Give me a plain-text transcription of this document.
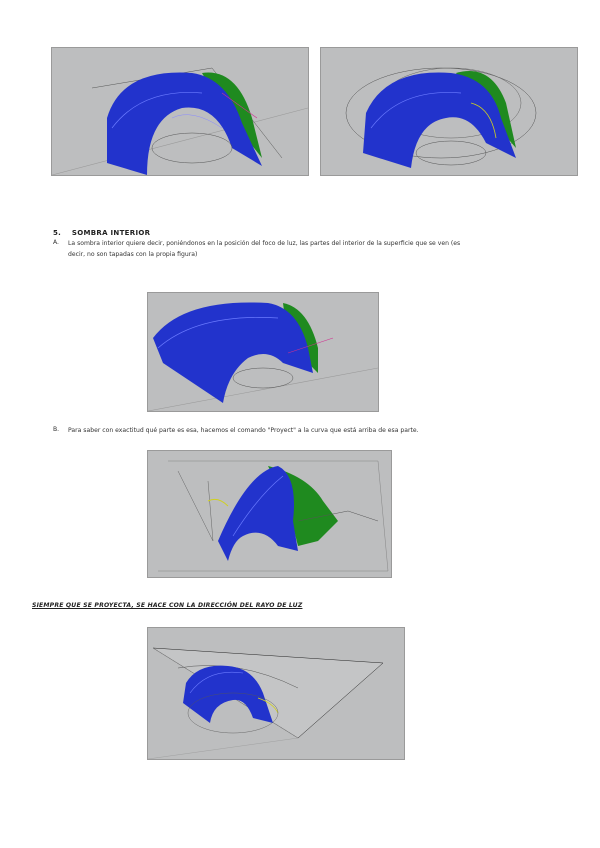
5. SOMBRA INTERIOR
A. La sombra interior quiere decir, poniéndonos en la posición del foco de luz, las partes del interior de la superficie que se ven (es
decir, no son tapadas con la propia figura)
B. Para saber con exactitud qué parte es esa, hacemos el comando "Proyect" a la curva que está arriba de esa parte.
SIEMPRE QUE SE PROYECTA, SE HACE CON LA DIRECCIÓN DEL RAYO DE LUZ
